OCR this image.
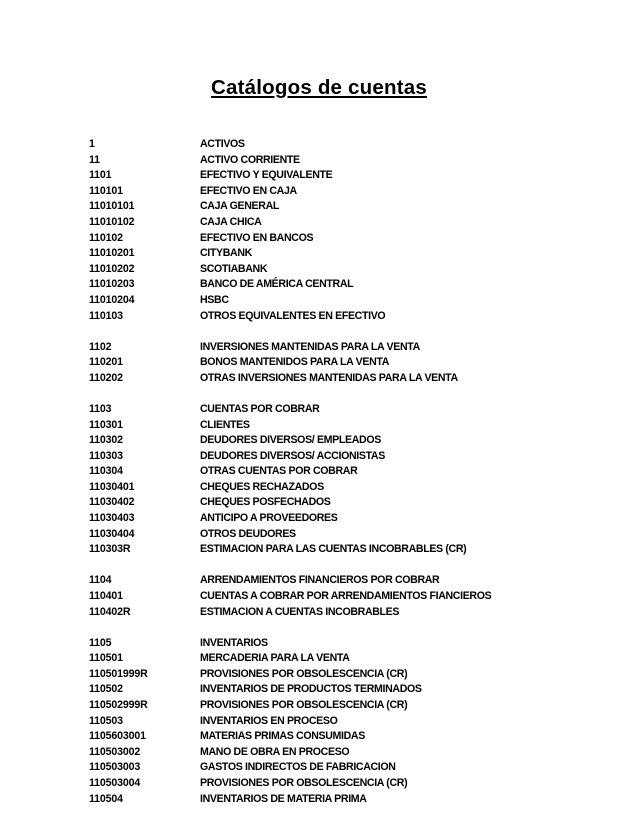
Catálogos de cuentas
1	ACTIVOS
11	ACTIVO CORRIENTE
1101	EFECTIVO Y EQUIVALENTE
110101	EFECTIVO EN CAJA
11010101	CAJA GENERAL
11010102	CAJA CHICA
110102	EFECTIVO EN BANCOS
11010201	CITYBANK
11010202	SCOTIABANK
11010203	BANCO DE AMÉRICA CENTRAL
11010204	HSBC
110103	OTROS EQUIVALENTES EN EFECTIVO
1102	INVERSIONES MANTENIDAS PARA LA VENTA
110201	BONOS MANTENIDOS PARA LA VENTA
110202	OTRAS INVERSIONES MANTENIDAS PARA LA VENTA
1103	CUENTAS POR COBRAR
110301	CLIENTES
110302	DEUDORES DIVERSOS/ EMPLEADOS
110303	DEUDORES DIVERSOS/ ACCIONISTAS
110304	OTRAS CUENTAS POR COBRAR
11030401	CHEQUES RECHAZADOS
11030402	CHEQUES POSFECHADOS
11030403	ANTICIPO A PROVEEDORES
11030404	OTROS DEUDORES
110303R	ESTIMACION PARA LAS CUENTAS INCOBRABLES (CR)
1104	ARRENDAMIENTOS FINANCIEROS POR COBRAR
110401	CUENTAS A COBRAR POR ARRENDAMIENTOS FIANCIEROS
110402R	ESTIMACION A CUENTAS INCOBRABLES
1105	INVENTARIOS
110501	MERCADERIA PARA LA VENTA
110501999R	PROVISIONES POR OBSOLESCENCIA (CR)
110502	INVENTARIOS DE PRODUCTOS TERMINADOS
110502999R	PROVISIONES POR OBSOLESCENCIA (CR)
110503	INVENTARIOS EN PROCESO
1105603001	MATERIAS PRIMAS CONSUMIDAS
110503002	MANO DE OBRA EN PROCESO
110503003	GASTOS INDIRECTOS DE FABRICACION
110503004	PROVISIONES POR OBSOLESCENCIA (CR)
110504	INVENTARIOS DE MATERIA PRIMA
